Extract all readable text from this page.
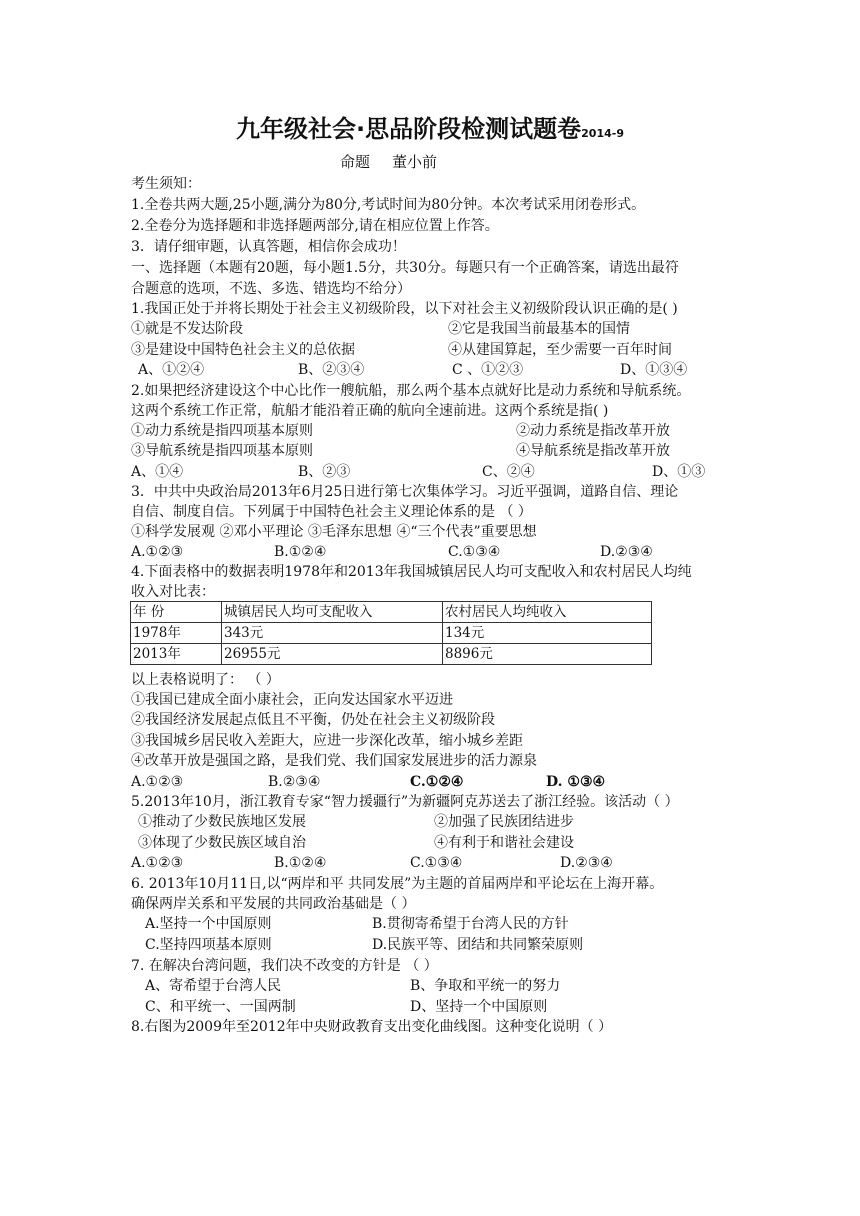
九年级社会·思品阶段检测试题卷2014-9
命题 董小前
考生须知：
1.全卷共两大题,25小题,满分为80分,考试时间为80分钟。本次考试采用闭卷形式。
2.全卷分为选择题和非选择题两部分,请在相应位置上作答。
3．请仔细审题，认真答题，相信你会成功！
一、选择题（本题有20题，每小题1.5分，共30分。每题只有一个正确答案，请选出最符
合题意的选项，不选、多选、错选均不给分）
1.我国正处于并将长期处于社会主义初级阶段，以下对社会主义初级阶段认识正确的是( )
①就是不发达阶段	②它是我国当前最基本的国情
③是建设中国特色社会主义的总依据	④从建国算起，至少需要一百年时间
A、①②④	B、②③④	C 、①②③	D、①③④
2.如果把经济建设这个中心比作一艘航船，那么两个基本点就好比是动力系统和导航系统。
这两个系统工作正常，航船才能沿着正确的航向全速前进。这两个系统是指( )
①动力系统是指四项基本原则	②动力系统是指改革开放
③导航系统是指四项基本原则	④导航系统是指改革开放
A、①④	B、②③	C、②④	D、①③
3．中共中央政治局2013年6月25日进行第七次集体学习。习近平强调，道路自信、理论
自信、制度自信。下列属于中国特色社会主义理论体系的是 （ ）
①科学发展观 ②邓小平理论 ③毛泽东思想 ④“三个代表”重要思想
A.①②③	B.①②④	C.①③④	D.②③④
4.下面表格中的数据表明1978年和2013年我国城镇居民人均可支配收入和农村居民人均纯
收入对比表：
年 份	城镇居民人均可支配收入	农村居民人均纯收入
1978年	343元	134元
2013年	26955元	8896元
以上表格说明了： （ ）
①我国已建成全面小康社会，正向发达国家水平迈进
②我国经济发展起点低且不平衡，仍处在社会主义初级阶段
③我国城乡居民收入差距大，应进一步深化改革，缩小城乡差距
④改革开放是强国之路，是我们党、我们国家发展进步的活力源泉
A.①②③	B.②③④	C.①②④	D. ①③④
5.2013年10月，浙江教育专家“智力援疆行”为新疆阿克苏送去了浙江经验。该活动（ ）
①推动了少数民族地区发展	②加强了民族团结进步
③体现了少数民族区域自治	④有利于和谐社会建设
A.①②③	B.①②④	C.①③④	D.②③④
6. 2013年10月11日,以“两岸和平 共同发展”为主题的首届两岸和平论坛在上海开幕。
确保两岸关系和平发展的共同政治基础是（ ）
A.坚持一个中国原则	B.贯彻寄希望于台湾人民的方针
C.坚持四项基本原则	D.民族平等、团结和共同繁荣原则
7. 在解决台湾问题，我们决不改变的方针是 （ ）
A、寄希望于台湾人民	B、争取和平统一的努力
C、和平统一、一国两制	D、坚持一个中国原则
8.右图为2009年至2012年中央财政教育支出变化曲线图。这种变化说明（ ）
